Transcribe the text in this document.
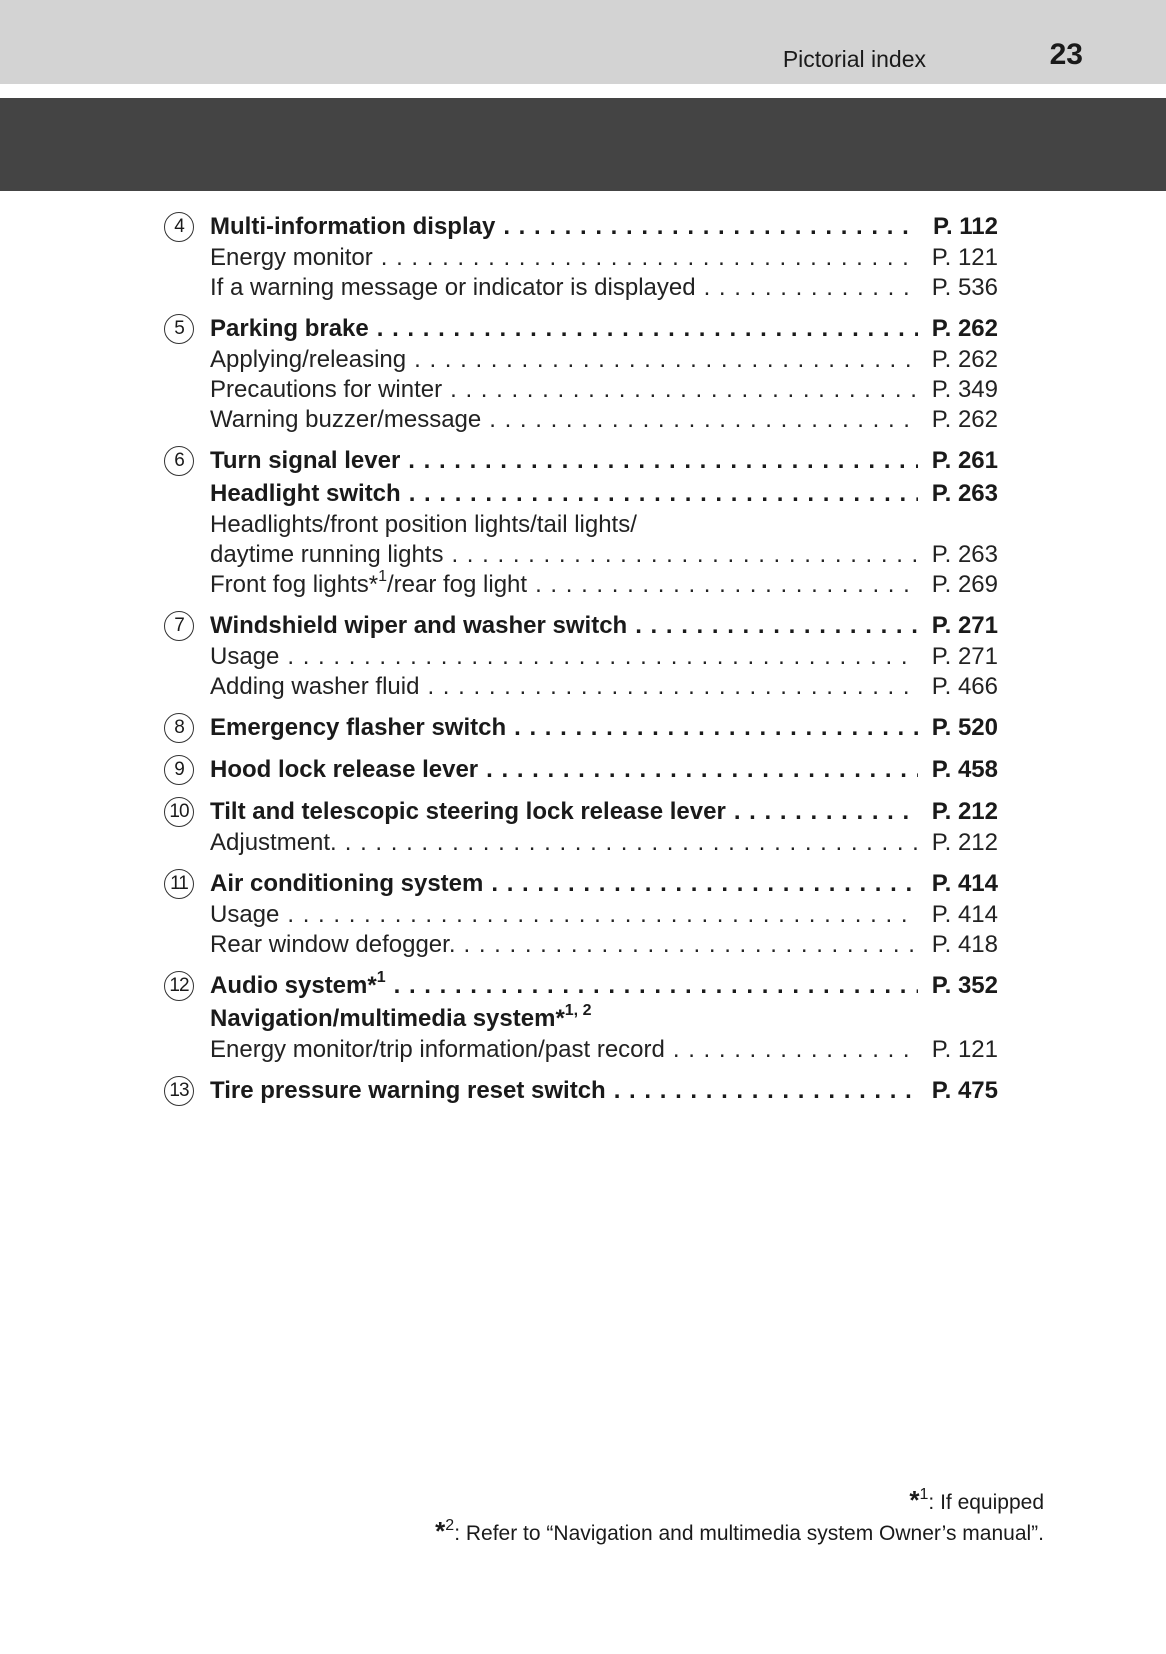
Pictorial index	23
4	Multi-information display . . .	P. 112
Energy monitor . . .	P. 121
If a warning message or indicator is displayed . . .	P. 536
5	Parking brake . . .	P. 262
Applying/releasing . . .	P. 262
Precautions for winter . . .	P. 349
Warning buzzer/message . . .	P. 262
6	Turn signal lever . . .	P. 261
Headlight switch . . .	P. 263
Headlights/front position lights/tail lights/
daytime running lights . . .	P. 263
Front fog lights*$^1$/rear fog light . . .	P. 269
7	Windshield wiper and washer switch . . .	P. 271
Usage . . .	P. 271
Adding washer fluid . . .	P. 466
8	Emergency flasher switch . . .	P. 520
9	Hood lock release lever . . .	P. 458
10 Tilt and telescopic steering lock release lever . . .	P. 212
Adjustment. . . .	P. 212
11 Air conditioning system . . .	P. 414
Usage . . .	P. 414
Rear window defogger. . . .	P. 418
12 Audio system*$^1$ . . .	P. 352
Navigation/multimedia system*$^{1, 2}$
Energy monitor/trip information/past record . . .	P. 121
13 Tire pressure warning reset switch . . .	P. 475
*$^1$: If equipped
*$^2$: Refer to “Navigation and multimedia system Owner’s manual”.
